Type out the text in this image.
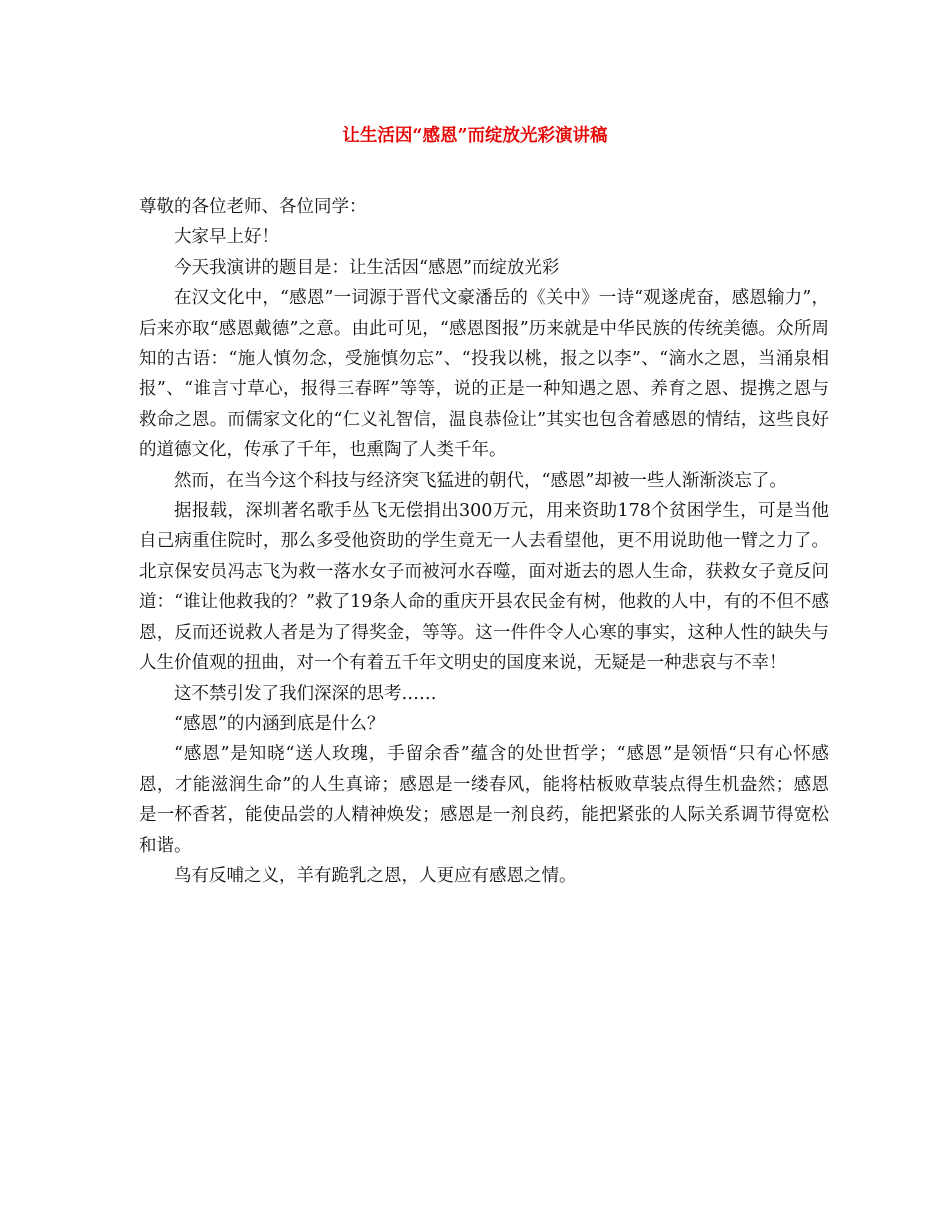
让生活因“感恩”而绽放光彩演讲稿

尊敬的各位老师、各位同学：

大家早上好！

今天我演讲的题目是：让生活因“感恩”而绽放光彩

在汉文化中，“感恩”一词源于晋代文豪潘岳的《关中》一诗“观遂虎奋，感恩输力”，后来亦取“感恩戴德”之意。由此可见，“感恩图报”历来就是中华民族的传统美德。众所周知的古语：“施人慎勿念，受施慎勿忘”、“投我以桃，报之以李”、“滴水之恩，当涌泉相报”、“谁言寸草心，报得三春晖”等等，说的正是一种知遇之恩、养育之恩、提携之恩与救命之恩。而儒家文化的“仁义礼智信，温良恭俭让”其实也包含着感恩的情结，这些良好的道德文化，传承了千年，也熏陶了人类千年。

然而，在当今这个科技与经济突飞猛进的朝代，“感恩”却被一些人渐渐淡忘了。

据报载，深圳著名歌手丛飞无偿捐出300万元，用来资助178个贫困学生，可是当他自己病重住院时，那么多受他资助的学生竟无一人去看望他，更不用说助他一臂之力了。北京保安员冯志飞为救一落水女子而被河水吞噬，面对逝去的恩人生命，获救女子竟反问道：“谁让他救我的？”救了19条人命的重庆开县农民金有树，他救的人中，有的不但不感恩，反而还说救人者是为了得奖金，等等。这一件件令人心寒的事实，这种人性的缺失与人生价值观的扭曲，对一个有着五千年文明史的国度来说，无疑是一种悲哀与不幸！

这不禁引发了我们深深的思考……

“感恩”的内涵到底是什么？

“感恩”是知晓“送人玫瑰，手留余香”蕴含的处世哲学；“感恩”是领悟“只有心怀感恩，才能滋润生命”的人生真谛；感恩是一缕春风，能将枯板败草装点得生机盎然；感恩是一杯香茗，能使品尝的人精神焕发；感恩是一剂良药，能把紧张的人际关系调节得宽松和谐。

鸟有反哺之义，羊有跪乳之恩，人更应有感恩之情。
